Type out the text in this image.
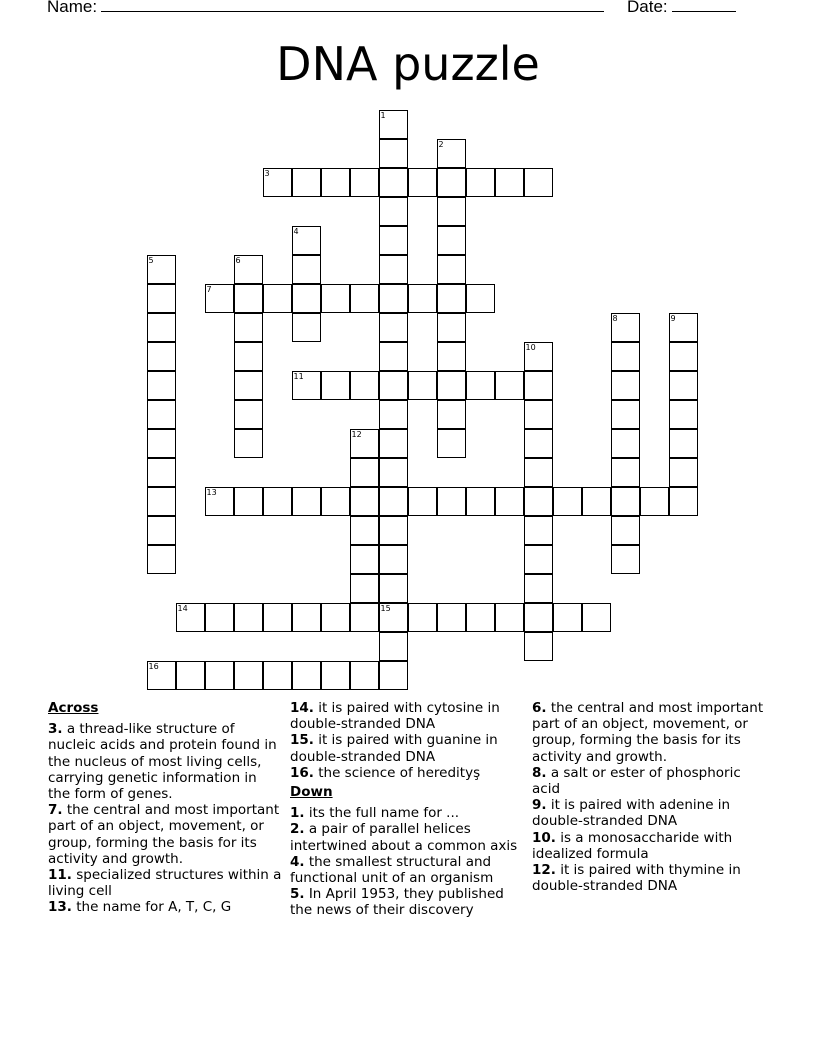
Name:	Date:
DNA puzzle
1
15
2
3
4
5	6
7
8	9
10
11
12
13
14
16
Across

3. a thread-like structure of nucleic acids and protein found in the nucleus of most living cells, carrying genetic information in the form of genes.

7. the central and most important part of an object, movement, or group, forming the basis for its activity and growth.

11. specialized structures within a living cell

13. the name for A, T, C, G

14. it is paired with cytosine in double-stranded DNA

15. it is paired with guanine in double-stranded DNA

16. the science of heredityş

Down

1. its the full name for ...

2. a pair of parallel helices intertwined about a common axis

4. the smallest structural and functional unit of an organism

5. In April 1953, they published the news of their discovery

6. the central and most important part of an object, movement, or group, forming the basis for its activity and growth.

8. a salt or ester of phosphoric acid

9. it is paired with adenine in double-stranded DNA

10. is a monosaccharide with idealized formula

12. it is paired with thymine in double-stranded DNA
